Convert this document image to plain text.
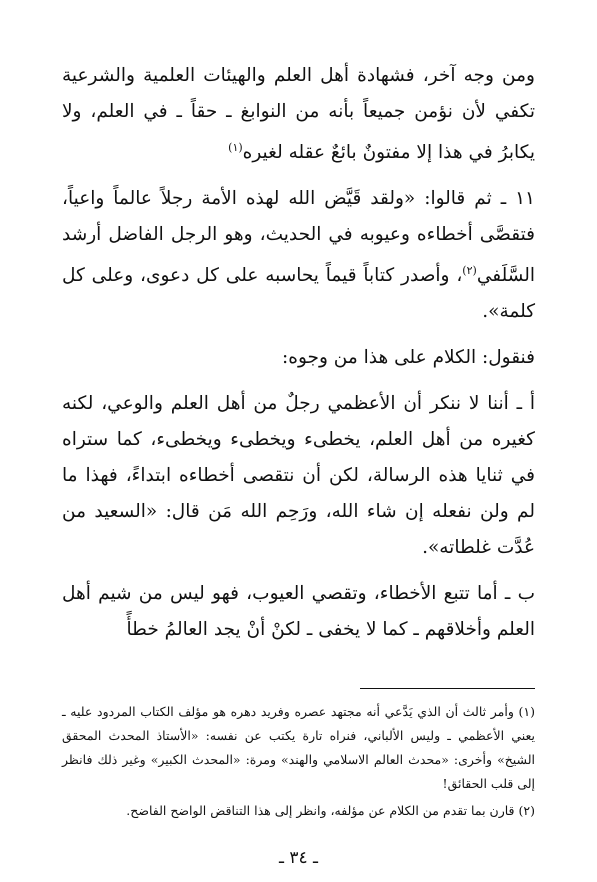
ومن وجه آخر، فشهادة أهل العلم والهيئات العلمية والشرعية تكفي لأن نؤمن جميعاً بأنه من النوابغ ـ حقاً ـ في العلم، ولا يكابرُ في هذا إلا مفتونٌ بائعٌ عقله لغيره$^{(١)}$

١١ ـ ثم قالوا: «ولقد قَيَّض الله لهذه الأمة رجلاً عالماً واعياً، فتقصَّى أخطاءه وعيوبه في الحديث، وهو الرجل الفاضل أرشد السَّلَفي$^{(٢)}$، وأصدر كتاباً قيماً يحاسبه على كل دعوى، وعلى كل كلمة».

فنقول: الكلام على هذا من وجوه:

أ ـ أننا لا ننكر أن الأعظمي رجلٌ من أهل العلم والوعي، لكنه كغيره من أهل العلم، يخطىء ويخطىء ويخطىء، كما ستراه في ثنايا هذه الرسالة، لكن أن نتقصى أخطاءه ابتداءً، فهذا ما لم ولن نفعله إن شاء الله، ورَحِم الله مَن قال: «السعيد من عُدَّت غلطاته».

ب ـ أما تتبع الأخطاء، وتقصي العيوب، فهو ليس من شيم أهل العلم وأخلاقهم ـ كما لا يخفى ـ لكنْ أنْ يجد العالمُ خطأً

(١) وأمر ثالث أن الذي يَدَّعي أنه مجتهد عصره وفريد دهره هو مؤلف الكتاب المردود عليه ـ يعني الأعظمي ـ وليس الألباني، فنراه تارة يكتب عن نفسه: «الأستاذ المحدث المحقق الشيخ» وأخرى: «محدث العالم الاسلامي والهند» ومرة: «المحدث الكبير» وغير ذلك فانظر إلى قلب الحقائق!

(٢) قارن بما تقدم من الكلام عن مؤلفه، وانظر إلى هذا التناقض الواضح الفاضح.

ـ ٣٤ ـ
